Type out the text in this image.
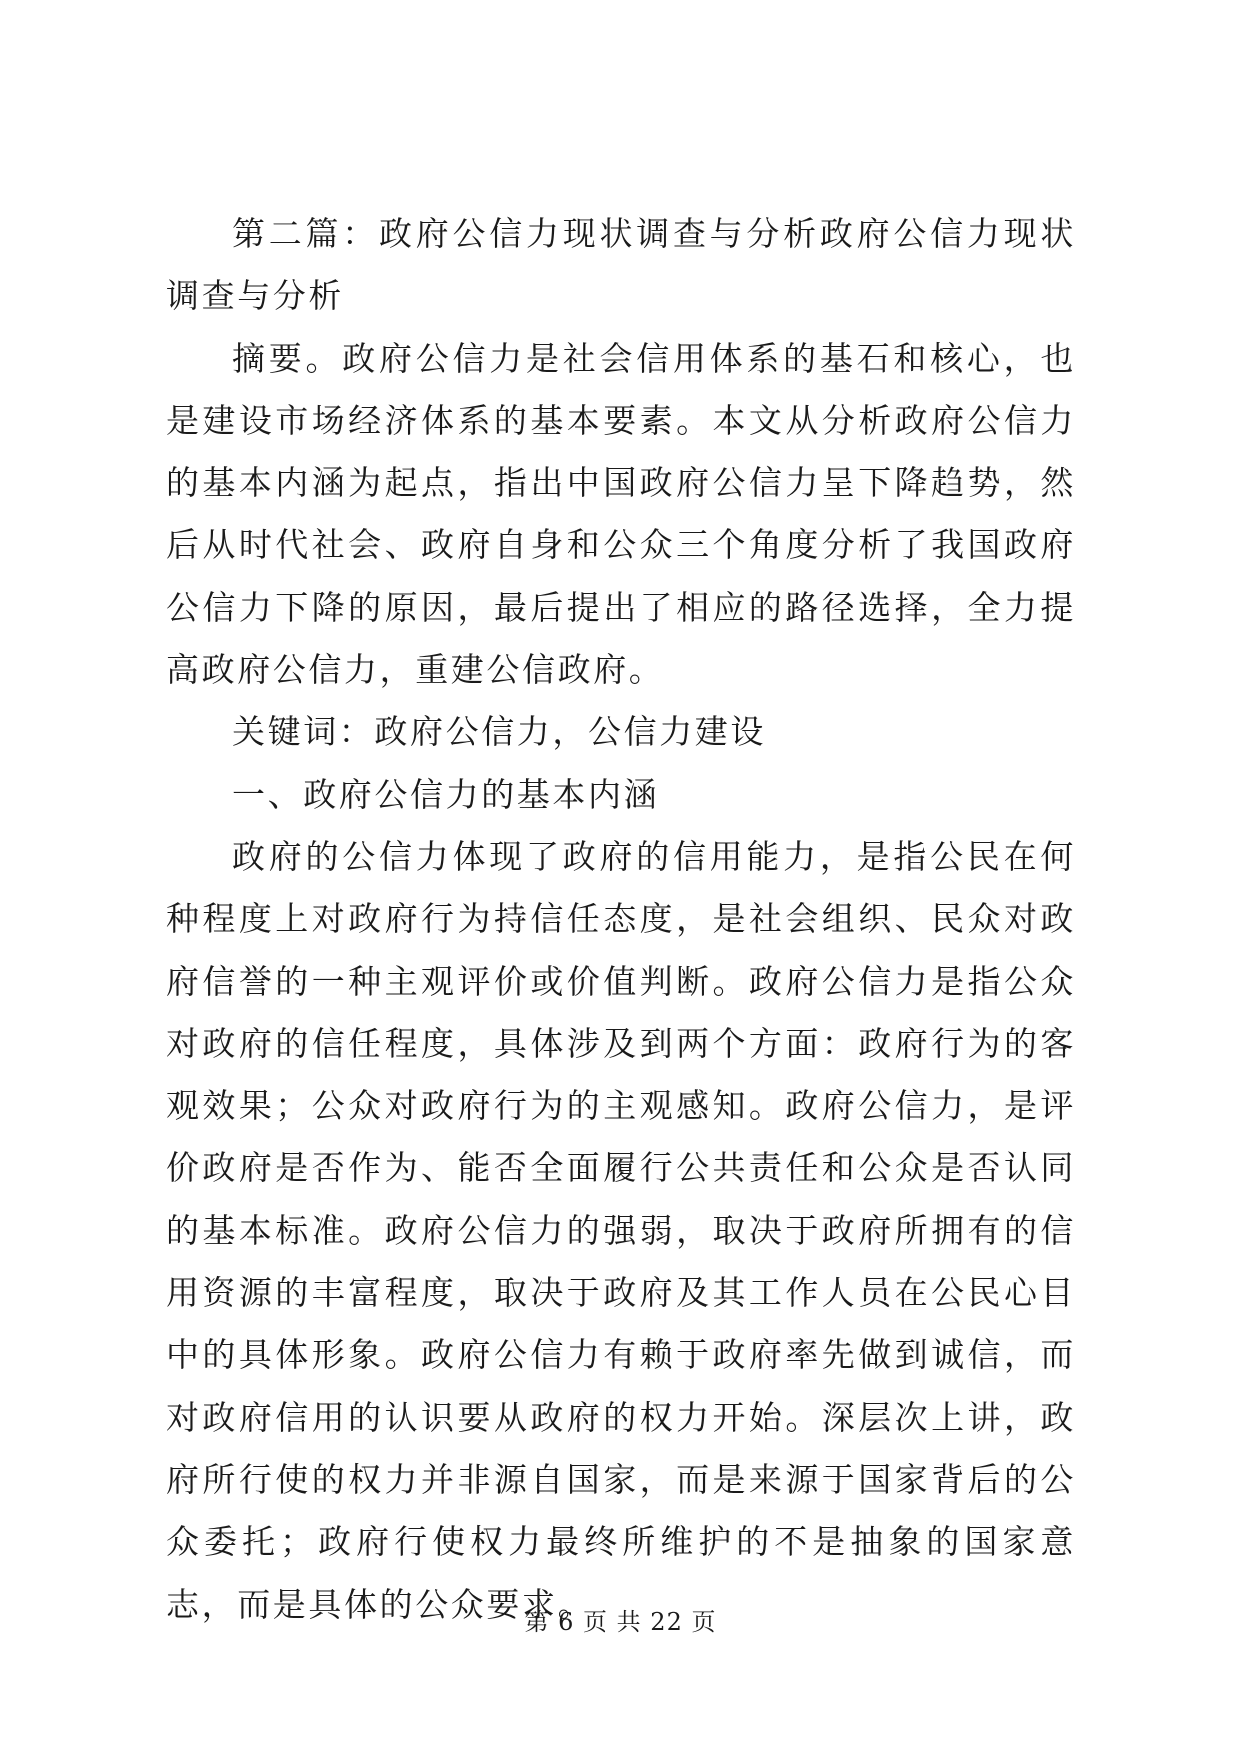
第二篇：政府公信力现状调查与分析政府公信力现状调查与分析

摘要。政府公信力是社会信用体系的基石和核心，也是建设市场经济体系的基本要素。本文从分析政府公信力的基本内涵为起点，指出中国政府公信力呈下降趋势，然后从时代社会、政府自身和公众三个角度分析了我国政府公信力下降的原因，最后提出了相应的路径选择，全力提高政府公信力，重建公信政府。

关键词：政府公信力，公信力建设

一、政府公信力的基本内涵

政府的公信力体现了政府的信用能力，是指公民在何种程度上对政府行为持信任态度，是社会组织、民众对政府信誉的一种主观评价或价值判断。政府公信力是指公众对政府的信任程度，具体涉及到两个方面：政府行为的客观效果；公众对政府行为的主观感知。政府公信力，是评价政府是否作为、能否全面履行公共责任和公众是否认同的基本标准。政府公信力的强弱，取决于政府所拥有的信用资源的丰富程度，取决于政府及其工作人员在公民心目中的具体形象。政府公信力有赖于政府率先做到诚信，而对政府信用的认识要从政府的权力开始。深层次上讲，政府所行使的权力并非源自国家，而是来源于国家背后的公众委托；政府行使权力最终所维护的不是抽象的国家意志，而是具体的公众要求。

第 6 页 共 22 页
